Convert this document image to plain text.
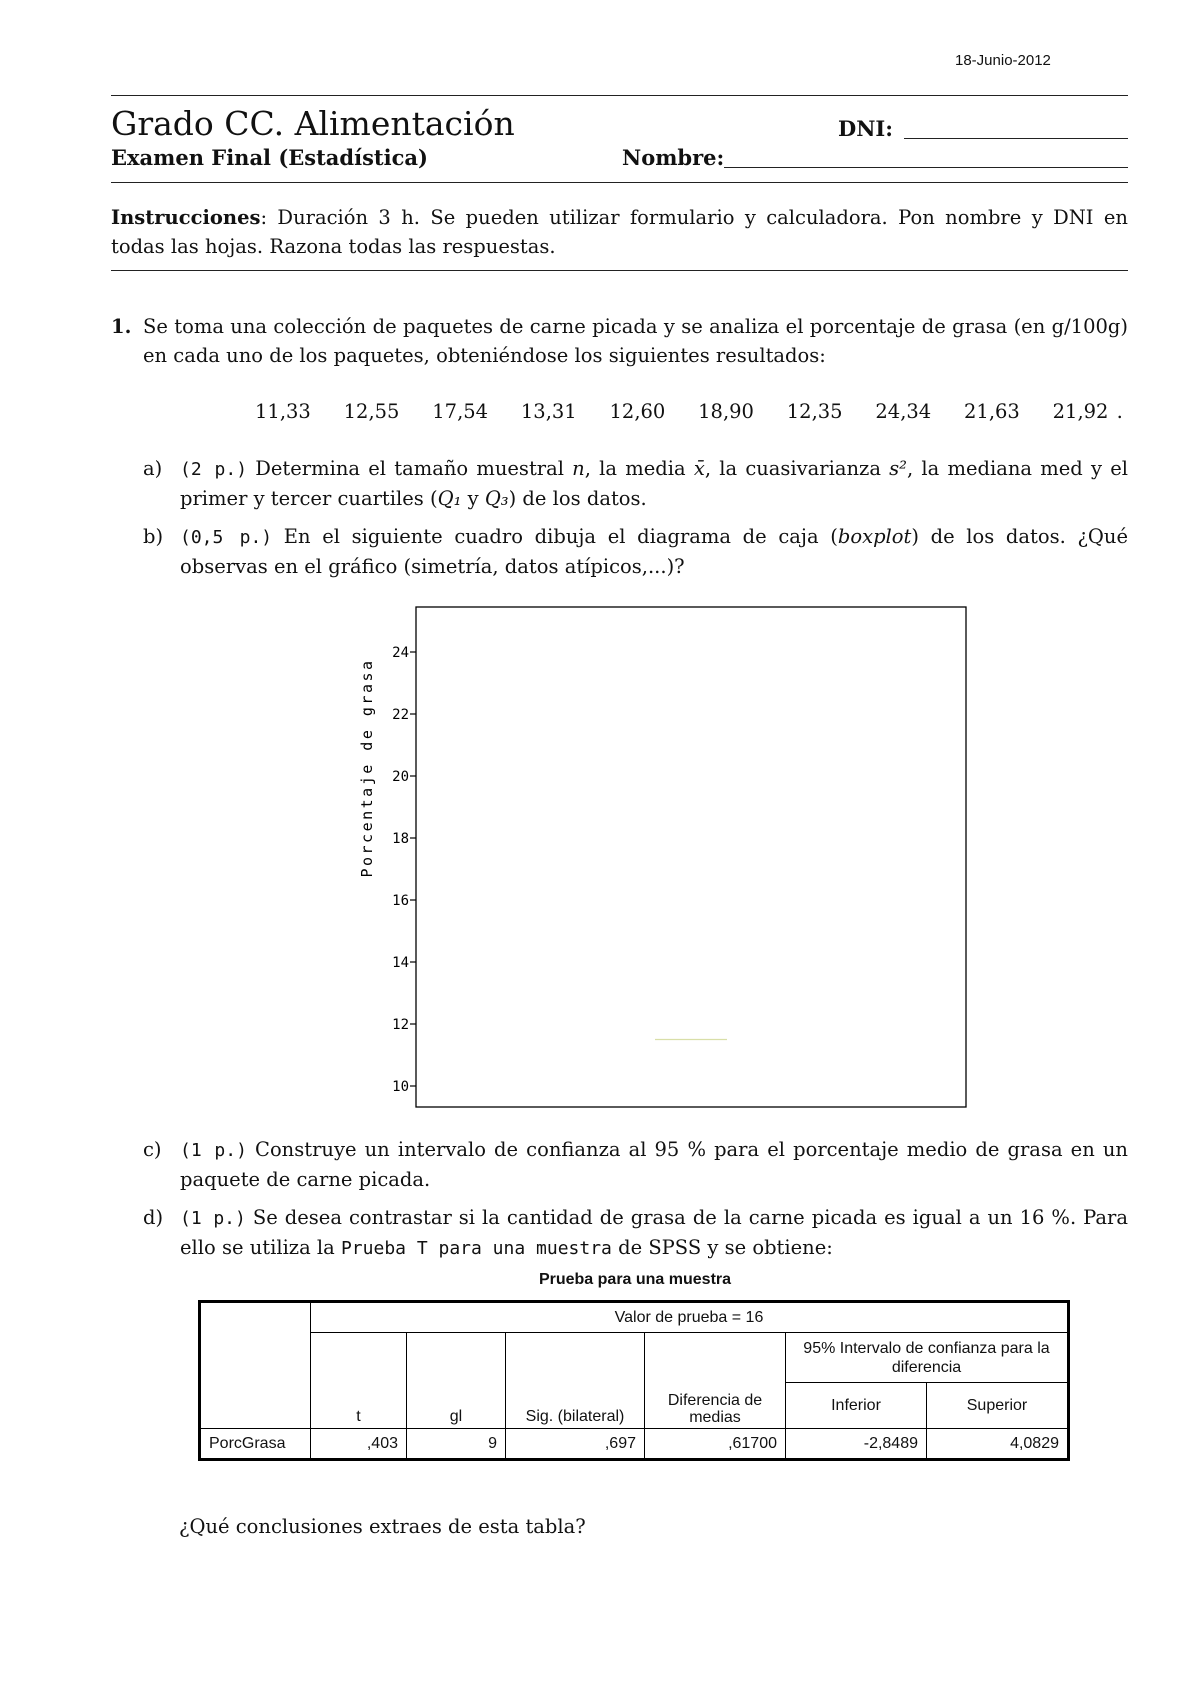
18-Junio-2012
Grado CC. Alimentación	DNI:
Examen Final (Estadística)	Nombre:
Instrucciones: Duración 3 h. Se pueden utilizar formulario y calculadora. Pon nombre y DNI en todas las hojas. Razona todas las respuestas.
1. Se toma una colección de paquetes de carne picada y se analiza el porcentaje de grasa (en g/100g) en cada uno de los paquetes, obteniéndose los siguientes resultados:
11,33 12,55 17,54 13,31 12,60 18,90 12,35 24,34 21,63 21,92 .
a) (2 p.) Determina el tamaño muestral n, la media x̄, la cuasivarianza s², la mediana med y el primer y tercer cuartiles (Q₁ y Q₃) de los datos.
b) (0,5 p.) En el siguiente cuadro dibuja el diagrama de caja (boxplot) de los datos. ¿Qué observas en el gráfico (simetría, datos atípicos,...)?
10
12
14
16
18
20
22
24
Porcentaje de grasa
c)	(1 p.) Construye un intervalo de confianza al 95 % para el porcentaje medio de grasa en un paquete de carne picada.
d) (1 p.) Se desea contrastar si la cantidad de grasa de la carne picada es igual a un 16 %. Para ello se utiliza la Prueba T para una muestra de SPSS y se obtiene:
Prueba para una muestra
	Valor de prueba = 16					
	t	gl	Sig. (bilateral)	Diferencia de medias	95% Intervalo de confianza para la diferencia	
					Inferior	Superior
PorcGrasa	,403	9	,697	,61700	-2,8489	4,0829
¿Qué conclusiones extraes de esta tabla?
